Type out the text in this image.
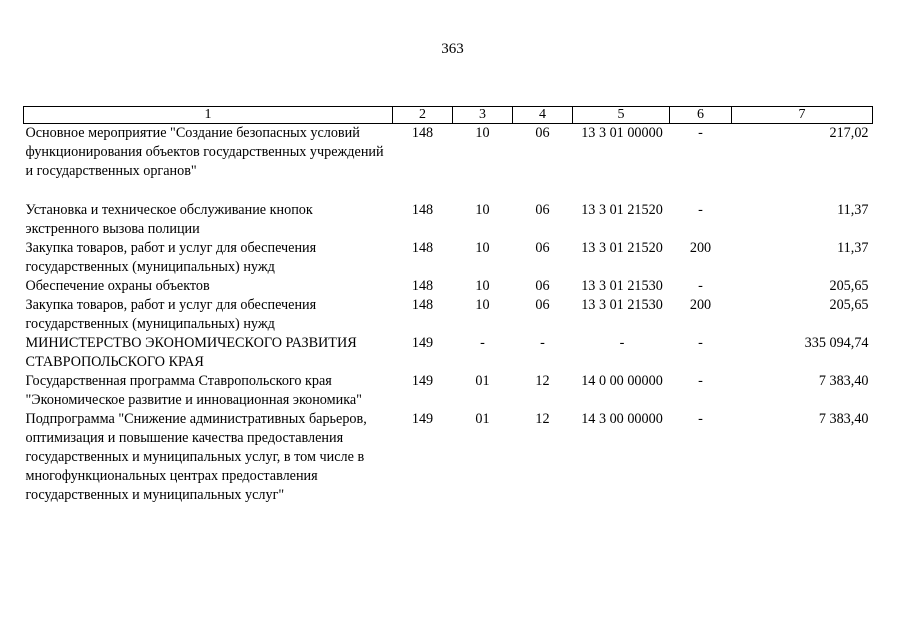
363
1	2	3	4	5	6	7
Основное мероприятие "Создание безопасных условий функционирования объектов государственных учреждений и государственных органов"	148	10	06	13 3 01 00000	-	217,02

Установка и техническое обслуживание кнопок экстренного вызова полиции	148	10	06	13 3 01 21520	-	11,37
Закупка товаров, работ и услуг для обеспечения государственных (муниципальных) нужд	148	10	06	13 3 01 21520	200	11,37
Обеспечение охраны объектов	148	10	06	13 3 01 21530	-	205,65
Закупка товаров, работ и услуг для обеспечения государственных (муниципальных) нужд	148	10	06	13 3 01 21530	200	205,65
МИНИСТЕРСТВО ЭКОНОМИЧЕСКОГО РАЗВИТИЯ СТАВРОПОЛЬСКОГО КРАЯ	149	-	-	-	-	335 094,74
Государственная программа Ставропольского края "Экономическое развитие и инновационная экономика"	149	01	12	14 0 00 00000	-	7 383,40
Подпрограмма "Снижение административных барьеров, оптимизация и повышение качества предоставления государственных и муниципальных услуг, в том числе в многофункциональных центрах предоставления государственных и муниципальных услуг"	149	01	12	14 3 00 00000	-	7 383,40
